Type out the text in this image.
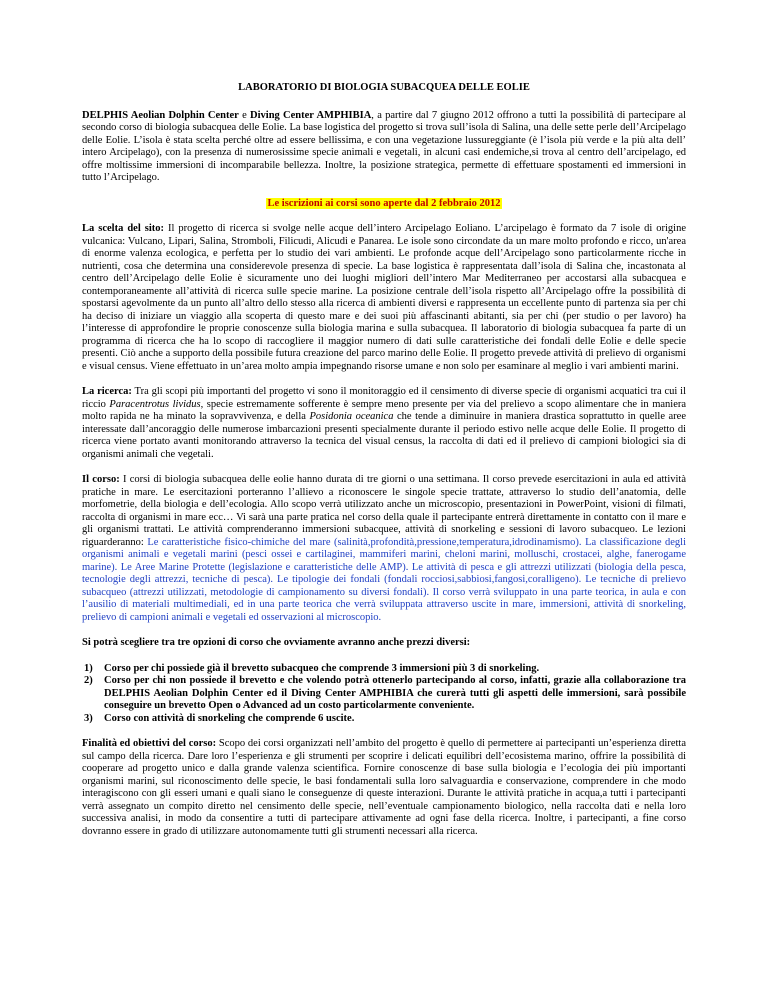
LABORATORIO DI BIOLOGIA SUBACQUEA DELLE EOLIE

DELPHIS Aeolian Dolphin Center e Diving Center AMPHIBIA, a partire dal 7 giugno 2012 offrono a tutti la possibilità di partecipare al secondo corso di biologia subacquea delle Eolie. La base logistica del progetto si trova sull’isola di Salina, una delle sette perle dell’Arcipelago delle Eolie. L’isola è stata scelta perché oltre ad essere bellissima, e con una vegetazione lussureggiante (è l’isola più verde e la più alta dell’ intero Arcipelago), con la presenza di numerosissime specie animali e vegetali, in alcuni casi endemiche,si trova al centro dell’arcipelago, ed offre moltissime immersioni di incomparabile bellezza. Inoltre, la posizione strategica, permette di effettuare spostamenti ed immersioni in tutto l’Arcipelago.

Le iscrizioni ai corsi sono aperte dal 2 febbraio 2012

La scelta del sito: Il progetto di ricerca si svolge nelle acque dell’intero Arcipelago Eoliano. L’arcipelago è formato da 7 isole di origine vulcanica: Vulcano, Lipari, Salina, Stromboli, Filicudi, Alicudi e Panarea. Le isole sono circondate da un mare molto profondo e ricco, un'area di enorme valenza ecologica, e perfetta per lo studio dei vari ambienti. Le profonde acque dell’Arcipelago sono particolarmente ricche in nutrienti, cosa che determina una considerevole presenza di specie. La base logistica è rappresentata dall’isola di Salina che, incastonata al centro dell’Arcipelago delle Eolie è sicuramente uno dei luoghi migliori dell’intero Mar Mediterraneo per accostarsi alla subacquea e contemporaneamente all’attività di ricerca sulle specie marine. La posizione centrale dell’isola rispetto all’Arcipelago offre la possibilità di spostarsi agevolmente da un punto all’altro dello stesso alla ricerca di ambienti diversi e rappresenta un eccellente punto di partenza sia per chi ha deciso di iniziare un viaggio alla scoperta di questo mare e dei suoi più affascinanti abitanti, sia per chi (per studio o per lavoro) ha l’interesse di approfondire le proprie conoscenze sulla biologia marina e sulla subacquea. Il laboratorio di biologia subacquea fa parte di un programma di ricerca che ha lo scopo di raccogliere il maggior numero di dati sulle caratteristiche dei fondali delle Eolie e delle specie presenti. Ciò anche a supporto della possibile futura creazione del parco marino delle Eolie. Il progetto prevede attività di prelievo di organismi e visual census. Viene effettuato in un’area molto ampia impegnando risorse umane e non solo per esaminare al meglio i vari ambienti marini.

La ricerca: Tra gli scopi più importanti del progetto vi sono il monitoraggio ed il censimento di diverse specie di organismi acquatici tra cui il riccio Paracentrotus lividus, specie estremamente sofferente è sempre meno presente per via del prelievo a scopo alimentare che in maniera molto rapida ne ha minato la sopravvivenza, e della Posidonia oceanica che tende a diminuire in maniera drastica soprattutto in quelle aree interessate dall’ancoraggio delle numerose imbarcazioni presenti specialmente durante il periodo estivo nelle acque delle Eolie. Il progetto di ricerca viene portato avanti monitorando attraverso la tecnica del visual census, la raccolta di dati ed il prelievo di campioni biologici sia di organismi animali che vegetali.

Il corso: I corsi di biologia subacquea delle eolie hanno durata di tre giorni o una settimana. Il corso prevede esercitazioni in aula ed attività pratiche in mare. Le esercitazioni porteranno l’allievo a riconoscere le singole specie trattate, attraverso lo studio dell’anatomia, delle morfometrie, della biologia e dell’ecologia. Allo scopo verrà utilizzato anche un microscopio, presentazioni in PowerPoint, visioni di filmati, raccolta di organismi in mare ecc… Vi sarà una parte pratica nel corso della quale il partecipante entrerà direttamente in contatto con il mare e gli organismi trattati. Le attività comprenderanno immersioni subacquee, attività di snorkeling e sessioni di lavoro subacqueo. Le lezioni riguarderanno: Le caratteristiche fisico-chimiche del mare (salinità,profondità,pressione,temperatura,idrodinamismo). La classificazione degli organismi animali e vegetali marini (pesci ossei e cartilaginei, mammiferi marini, cheloni marini, molluschi, crostacei, alghe, fanerogame marine). Le Aree Marine Protette (legislazione e caratteristiche delle AMP). Le attività di pesca e gli attrezzi utilizzati (biologia della pesca, tecnologie degli attrezzi, tecniche di pesca). Le tipologie dei fondali (fondali rocciosi,sabbiosi,fangosi,coralligeno). Le tecniche di prelievo subacqueo (attrezzi utilizzati, metodologie di campionamento su diversi fondali). Il corso verrà sviluppato in una parte teorica, in aula e con l’ausilio di materiali multimediali, ed in una parte teorica che verrà sviluppata attraverso uscite in mare, immersioni, attività di snorkeling, prelievo di campioni animali e vegetali ed osservazioni al microscopio.

Si potrà scegliere tra tre opzioni di corso che ovviamente avranno anche prezzi diversi:

1)	Corso per chi possiede già il brevetto subacqueo che comprende 3 immersioni più 3 di snorkeling.
2)	Corso per chi non possiede il brevetto e che volendo potrà ottenerlo partecipando al corso, infatti, grazie alla collaborazione tra DELPHIS Aeolian Dolphin Center ed il Diving Center AMPHIBIA che curerà tutti gli aspetti delle immersioni, sarà possibile conseguire un brevetto Open o Advanced ad un costo particolarmente conveniente.
3)	Corso con attività di snorkeling che comprende 6 uscite.

Finalità ed obiettivi del corso: Scopo dei corsi organizzati nell’ambito del progetto è quello di permettere ai partecipanti un’esperienza diretta sul campo della ricerca. Dare loro l’esperienza e gli strumenti per scoprire i delicati equilibri dell’ecosistema marino, offrire la possibilità di cooperare ad progetto unico e dalla grande valenza scientifica. Fornire conoscenze di base sulla biologia e l’ecologia dei più importanti organismi marini, sul riconoscimento delle specie, le basi fondamentali sulla loro salvaguardia e conservazione, comprendere in che modo interagiscono con gli esseri umani e quali siano le conseguenze di queste interazioni. Durante le attività pratiche in acqua,a tutti i partecipanti verrà assegnato un compito diretto nel censimento delle specie, nell’eventuale campionamento biologico, nella raccolta dati e nella loro successiva analisi, in modo da consentire a tutti di partecipare attivamente ad ogni fase della ricerca. Inoltre, i partecipanti, a fine corso dovranno essere in grado di utilizzare autonomamente tutti gli strumenti necessari alla ricerca.
